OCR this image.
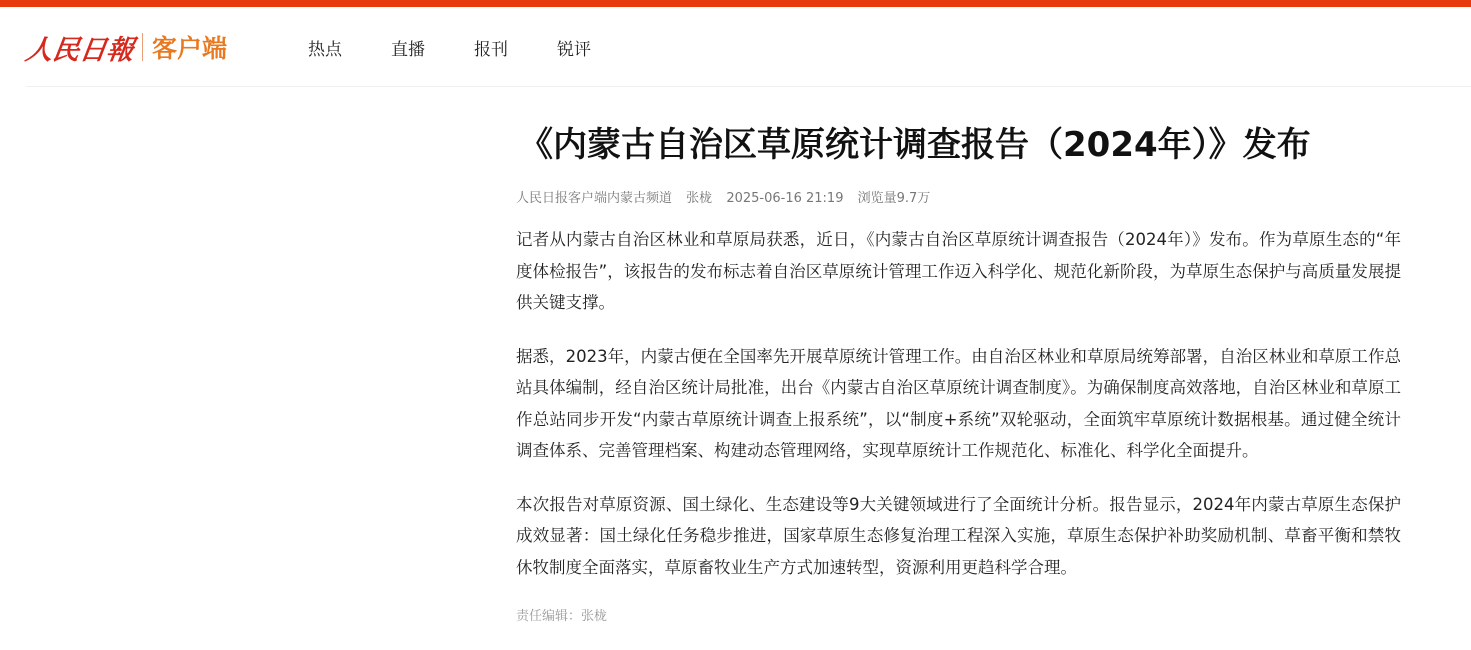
人民日報 客户端	热点	直播	报刊	锐评
《内蒙古自治区草原统计调查报告（2024年）》发布
人民日报客户端内蒙古频道 张栊 2025-06-16 21:19 浏览量9.7万

记者从内蒙古自治区林业和草原局获悉，近日，《内蒙古自治区草原统计调查报告（2024年）》发布。作为草原生态的“年度体检报告”，该报告的发布标志着自治区草原统计管理工作迈入科学化、规范化新阶段，为草原生态保护与高质量发展提供关键支撑。

据悉，2023年，内蒙古便在全国率先开展草原统计管理工作。由自治区林业和草原局统筹部署，自治区林业和草原工作总站具体编制，经自治区统计局批准，出台《内蒙古自治区草原统计调查制度》。为确保制度高效落地，自治区林业和草原工作总站同步开发“内蒙古草原统计调查上报系统”，以“制度+系统”双轮驱动，全面筑牢草原统计数据根基。通过健全统计调查体系、完善管理档案、构建动态管理网络，实现草原统计工作规范化、标准化、科学化全面提升。

本次报告对草原资源、国土绿化、生态建设等9大关键领域进行了全面统计分析。报告显示，2024年内蒙古草原生态保护成效显著：国土绿化任务稳步推进，国家草原生态修复治理工程深入实施，草原生态保护补助奖励机制、草畜平衡和禁牧休牧制度全面落实，草原畜牧业生产方式加速转型，资源利用更趋科学合理。

责任编辑：张栊
